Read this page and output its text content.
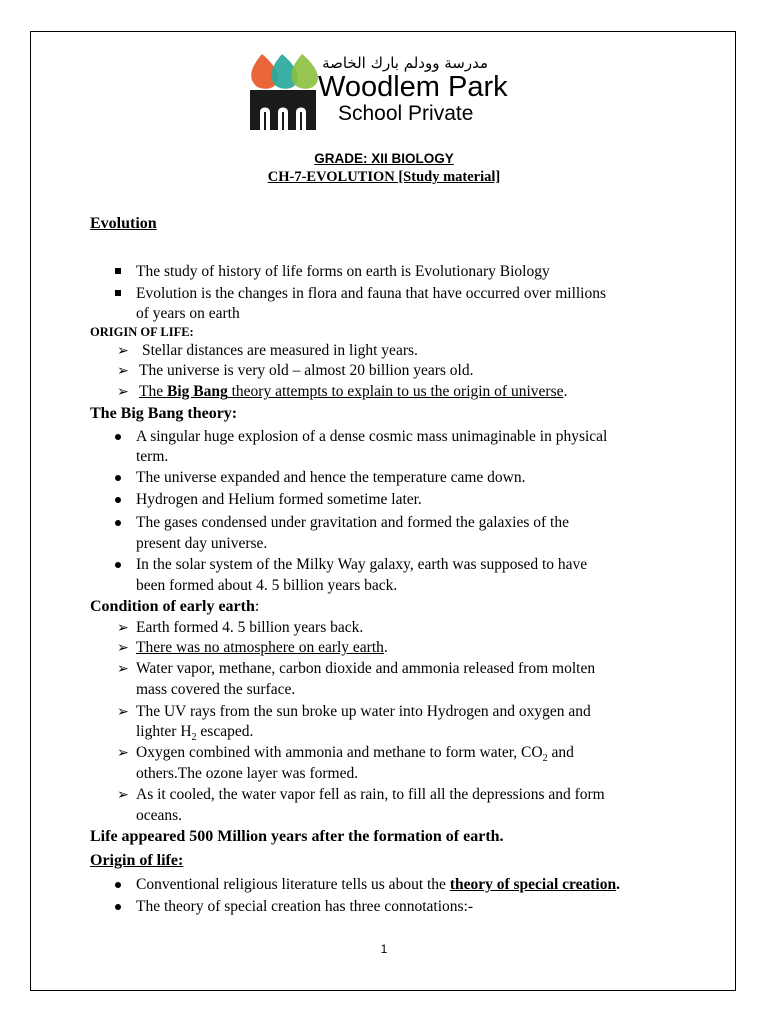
مدرسة وودلم بارك الخاصة
Woodlem Park
School Private
GRADE: XII BIOLOGY
CH-7-EVOLUTION [Study material]
Evolution
The study of history of life forms on earth is Evolutionary Biology
Evolution is the changes in flora and fauna that have occurred over millions
of years on earth
ORIGIN OF LIFE:
➢ Stellar distances are measured in light years.
➢ The universe is very old – almost 20 billion years old.
➢ The Big Bang theory attempts to explain to us the origin of universe.
The Big Bang theory:
A singular huge explosion of a dense cosmic mass unimaginable in physical
term.
The universe expanded and hence the temperature came down.
Hydrogen and Helium formed sometime later.
The gases condensed under gravitation and formed the galaxies of the
present day universe.
In the solar system of the Milky Way galaxy, earth was supposed to have
been formed about 4. 5 billion years back.
Condition of early earth:
➢ Earth formed 4. 5 billion years back.
➢ There was no atmosphere on early earth.
➢ Water vapor, methane, carbon dioxide and ammonia released from molten
mass covered the surface.
➢ The UV rays from the sun broke up water into Hydrogen and oxygen and
lighter $H_2$ escaped.
➢ Oxygen combined with ammonia and methane to form water, $CO_2$ and
others.The ozone layer was formed.
➢ As it cooled, the water vapor fell as rain, to fill all the depressions and form
oceans.
Life appeared 500 Million years after the formation of earth.
Origin of life:
Conventional religious literature tells us about the theory of special creation.
The theory of special creation has three connotations:-
1
